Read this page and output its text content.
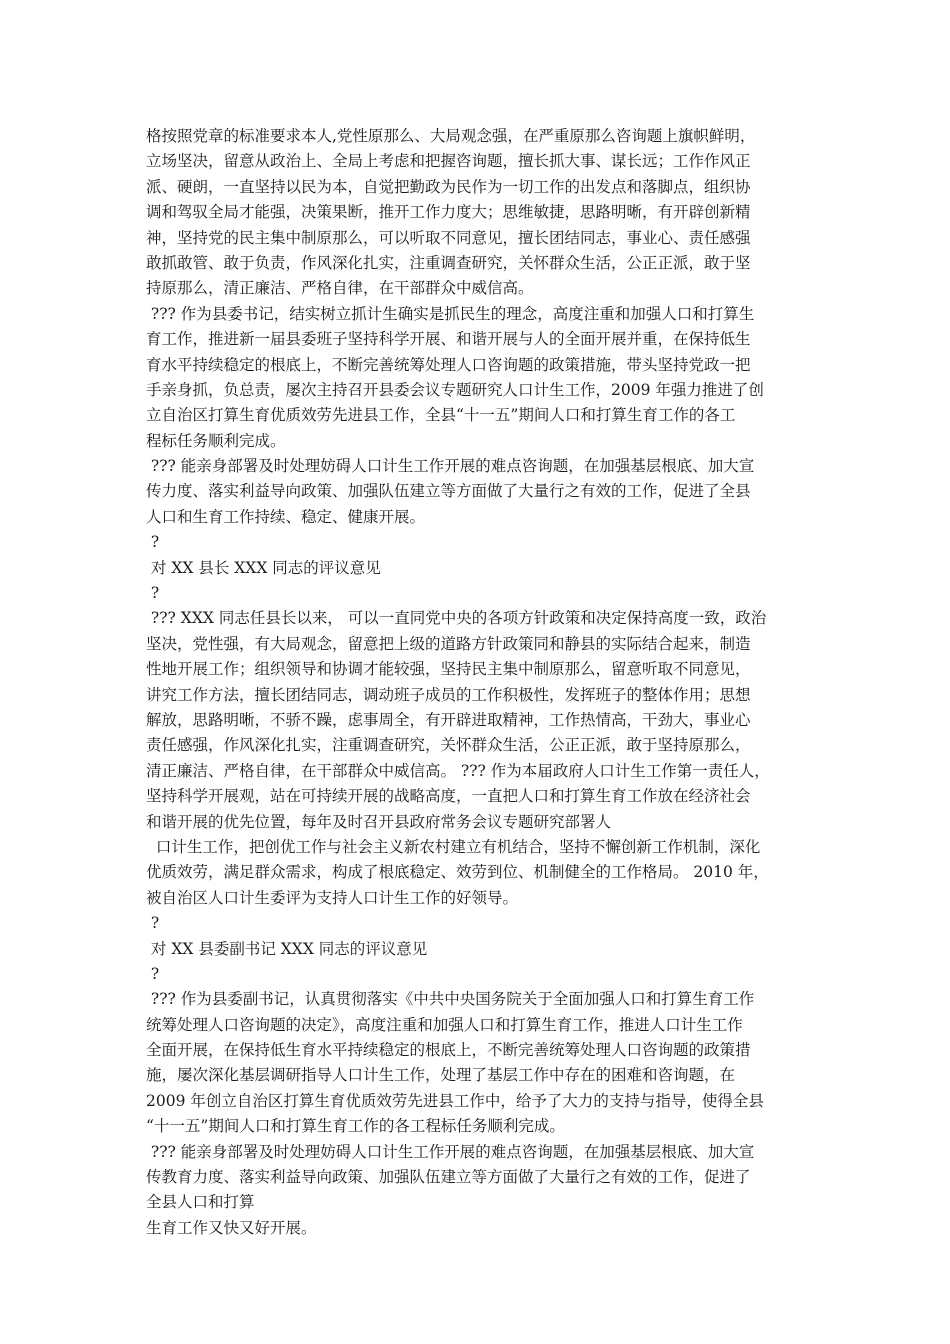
格按照党章的标准要求本人,党性原那么、大局观念强，在严重原那么咨询题上旗帜鲜明，
立场坚决，留意从政治上、全局上考虑和把握咨询题，擅长抓大事、谋长远；工作作风正
派、硬朗，一直坚持以民为本，自觉把勤政为民作为一切工作的出发点和落脚点，组织协
调和驾驭全局才能强，决策果断，推开工作力度大；思维敏捷，思路明晰，有开辟创新精
神，坚持党的民主集中制原那么，可以听取不同意见，擅长团结同志，事业心、责任感强
敢抓敢管、敢于负责，作风深化扎实，注重调查研究，关怀群众生活，公正正派，敢于坚
持原那么，清正廉洁、严格自律，在干部群众中威信高。
??? 作为县委书记，结实树立抓计生确实是抓民生的理念，高度注重和加强人口和打算生
育工作，推进新一届县委班子坚持科学开展、和谐开展与人的全面开展并重，在保持低生
育水平持续稳定的根底上，不断完善统筹处理人口咨询题的政策措施，带头坚持党政一把
手亲身抓，负总责，屡次主持召开县委会议专题研究人口计生工作，2009 年强力推进了创
立自治区打算生育优质效劳先进县工作，全县“十一五”期间人口和打算生育工作的各工
程标任务顺利完成。
??? 能亲身部署及时处理妨碍人口计生工作开展的难点咨询题，在加强基层根底、加大宣
传力度、落实利益导向政策、加强队伍建立等方面做了大量行之有效的工作，促进了全县
人口和生育工作持续、稳定、健康开展。
?
对 XX 县长 XXX 同志的评议意见
?
??? XXX 同志任县长以来， 可以一直同党中央的各项方针政策和决定保持高度一致，政治
坚决，党性强，有大局观念，留意把上级的道路方针政策同和静县的实际结合起来，制造
性地开展工作；组织领导和协调才能较强，坚持民主集中制原那么，留意听取不同意见，
讲究工作方法，擅长团结同志，调动班子成员的工作积极性，发挥班子的整体作用；思想
解放，思路明晰，不骄不躁，虑事周全，有开辟进取精神，工作热情高，干劲大，事业心
责任感强，作风深化扎实，注重调查研究，关怀群众生活，公正正派，敢于坚持原那么，
清正廉洁、严格自律，在干部群众中威信高。 ??? 作为本届政府人口计生工作第一责任人，
坚持科学开展观，站在可持续开展的战略高度，一直把人口和打算生育工作放在经济社会
和谐开展的优先位置，每年及时召开县政府常务会议专题研究部署人
口计生工作，把创优工作与社会主义新农村建立有机结合，坚持不懈创新工作机制，深化
优质效劳，满足群众需求，构成了根底稳定、效劳到位、机制健全的工作格局。 2010 年，
被自治区人口计生委评为支持人口计生工作的好领导。
?
对 XX 县委副书记 XXX 同志的评议意见
?
??? 作为县委副书记，认真贯彻落实《中共中央国务院关于全面加强人口和打算生育工作
统筹处理人口咨询题的决定》，高度注重和加强人口和打算生育工作，推进人口计生工作
全面开展，在保持低生育水平持续稳定的根底上，不断完善统筹处理人口咨询题的政策措
施，屡次深化基层调研指导人口计生工作，处理了基层工作中存在的困难和咨询题，在
2009 年创立自治区打算生育优质效劳先进县工作中，给予了大力的支持与指导，使得全县
“十一五”期间人口和打算生育工作的各工程标任务顺利完成。
??? 能亲身部署及时处理妨碍人口计生工作开展的难点咨询题，在加强基层根底、加大宣
传教育力度、落实利益导向政策、加强队伍建立等方面做了大量行之有效的工作，促进了
全县人口和打算
生育工作又快又好开展。
